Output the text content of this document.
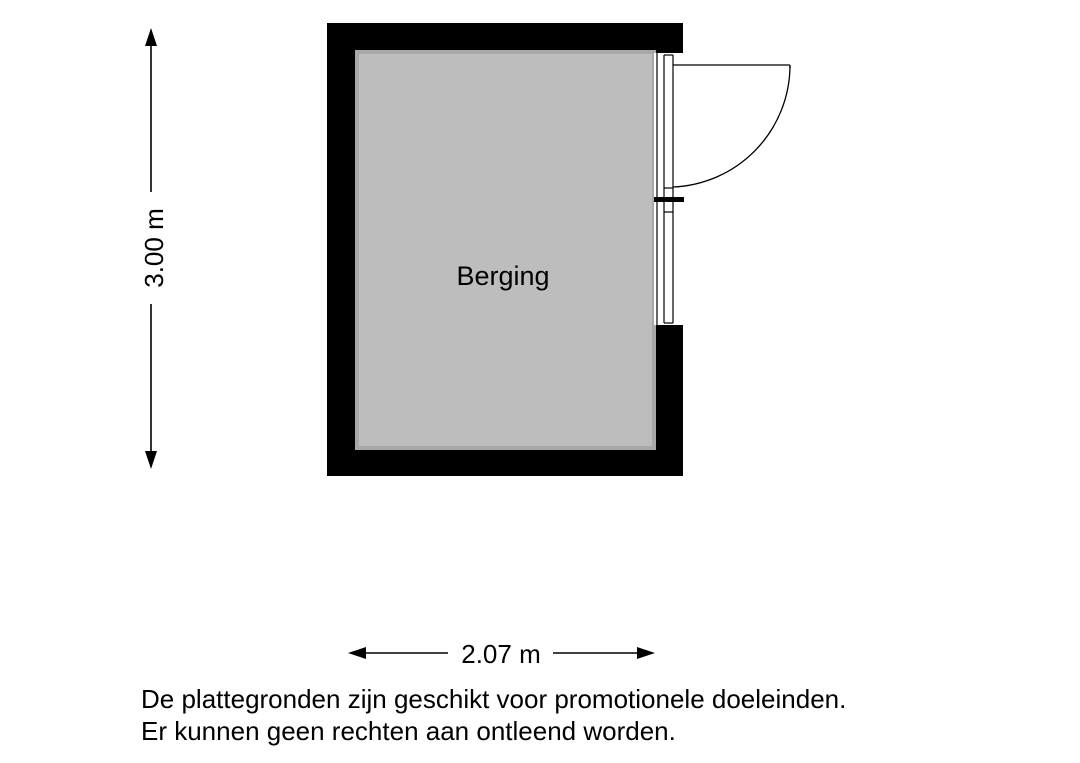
3.00 m
2.07 m
Berging
De plattegronden zijn geschikt voor promotionele doeleinden.
Er kunnen geen rechten aan ontleend worden.
